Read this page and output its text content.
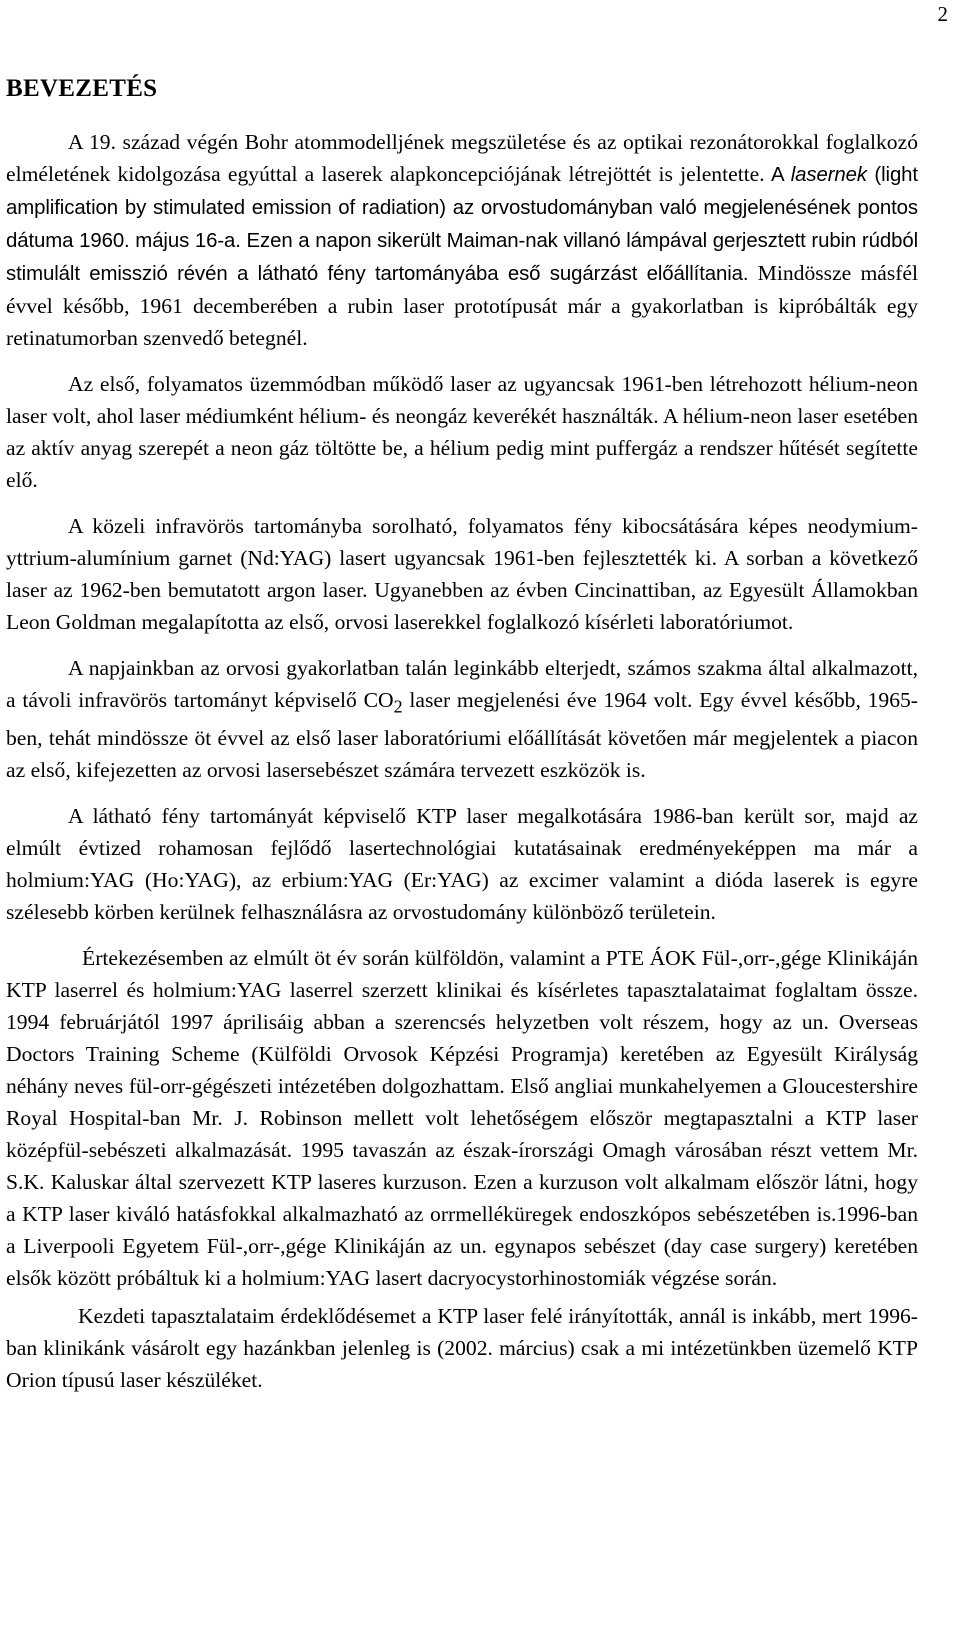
2
BEVEZETÉS

A 19. század végén Bohr atommodelljének megszületése és az optikai rezonátorokkal foglalkozó elméletének kidolgozása egyúttal a laserek alapkoncepciójának létrejöttét is jelentette. A lasernek (light amplification by stimulated emission of radiation) az orvostudományban való megjelenésének pontos dátuma 1960. május 16-a. Ezen a napon sikerült Maiman-nak villanó lámpával gerjesztett rubin rúdból stimulált emisszió révén a látható fény tartományába eső sugárzást előállítania. Mindössze másfél évvel később, 1961 decemberében a rubin laser prototípusát már a gyakorlatban is kipróbálták egy retinatumorban szenvedő betegnél.

Az első, folyamatos üzemmódban működő laser az ugyancsak 1961-ben létrehozott hélium-neon laser volt, ahol laser médiumként hélium- és neongáz keverékét használták. A hélium-neon laser esetében az aktív anyag szerepét a neon gáz töltötte be, a hélium pedig mint puffergáz a rendszer hűtését segítette elő.

A közeli infravörös tartományba sorolható, folyamatos fény kibocsátására képes neodymium-yttrium-alumínium garnet (Nd:YAG) lasert ugyancsak 1961-ben fejlesztették ki. A sorban a következő laser az 1962-ben bemutatott argon laser. Ugyanebben az évben Cincinattiban, az Egyesült Államokban Leon Goldman megalapította az első, orvosi laserekkel foglalkozó kísérleti laboratóriumot.

A napjainkban az orvosi gyakorlatban talán leginkább elterjedt, számos szakma által alkalmazott, a távoli infravörös tartományt képviselő $CO_2$ laser megjelenési éve 1964 volt. Egy évvel később, 1965-ben, tehát mindössze öt évvel az első laser laboratóriumi előállítását követően már megjelentek a piacon az első, kifejezetten az orvosi lasersebészet számára tervezett eszközök is.

A látható fény tartományát képviselő KTP laser megalkotására 1986-ban került sor, majd az elmúlt évtized rohamosan fejlődő lasertechnológiai kutatásainak eredményeképpen ma már a holmium:YAG (Ho:YAG), az erbium:YAG (Er:YAG) az excimer valamint a dióda laserek is egyre szélesebb körben kerülnek felhasználásra az orvostudomány különböző területein.

Értekezésemben az elmúlt öt év során külföldön, valamint a PTE ÁOK Fül-,orr-,gége Klinikáján KTP laserrel és holmium:YAG laserrel szerzett klinikai és kísérletes tapasztalataimat foglaltam össze. 1994 februárjától 1997 áprilisáig abban a szerencsés helyzetben volt részem, hogy az un. Overseas Doctors Training Scheme (Külföldi Orvosok Képzési Programja) keretében az Egyesült Királyság néhány neves fül-orr-gégészeti intézetében dolgozhattam. Első angliai munkahelyemen a Gloucestershire Royal Hospital-ban Mr. J. Robinson mellett volt lehetőségem először megtapasztalni a KTP laser középfül-sebészeti alkalmazását. 1995 tavaszán az észak-írországi Omagh városában részt vettem Mr. S.K. Kaluskar által szervezett KTP laseres kurzuson. Ezen a kurzuson volt alkalmam először látni, hogy a KTP laser kiváló hatásfokkal alkalmazható az orrmelléküregek endoszkópos sebészetében is.1996-ban a Liverpooli Egyetem Fül-,orr-,gége Klinikáján az un. egynapos sebészet (day case surgery) keretében elsők között próbáltuk ki a holmium:YAG lasert dacryocystorhinostomiák végzése során.

Kezdeti tapasztalataim érdeklődésemet a KTP laser felé irányították, annál is inkább, mert 1996-ban klinikánk vásárolt egy hazánkban jelenleg is (2002. március) csak a mi intézetünkben üzemelő KTP Orion típusú laser készüléket.
